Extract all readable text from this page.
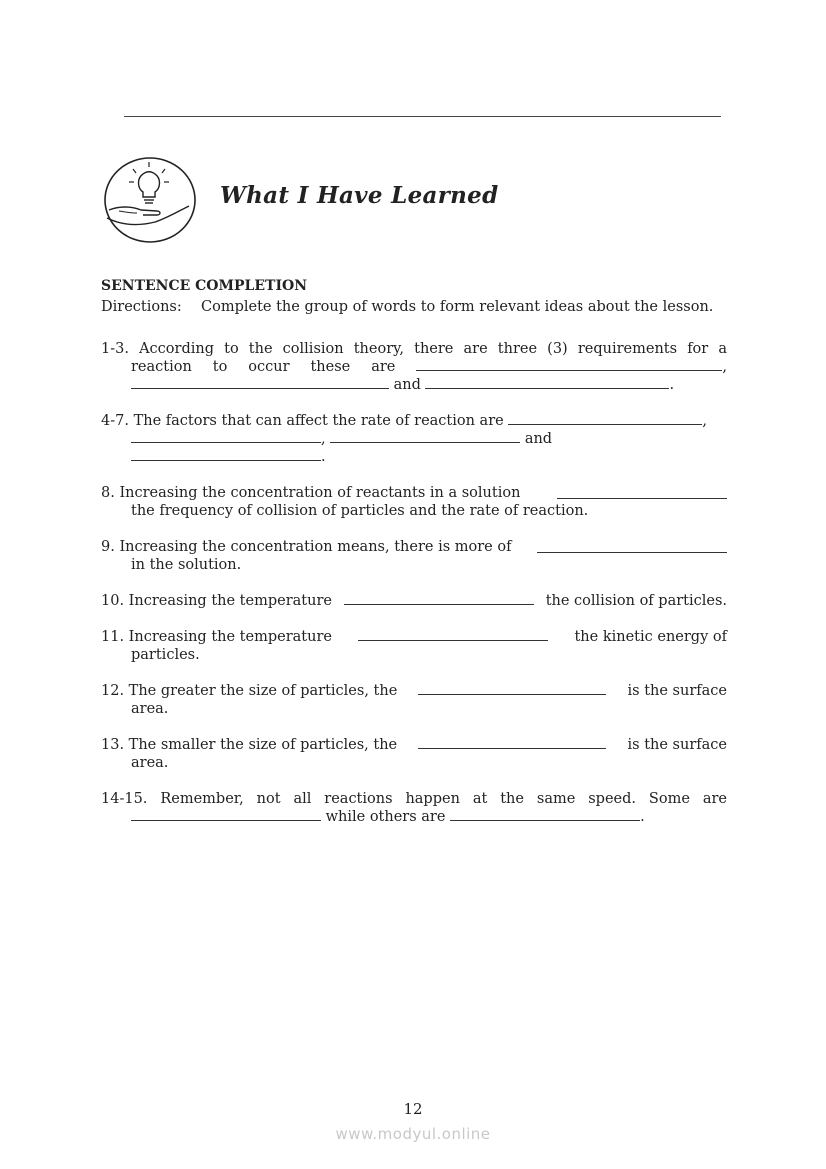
What I Have Learned
SENTENCE COMPLETION
Directions: Complete the group of words to form relevant ideas about the lesson.
1-3. According to the collision theory, there are three (3) requirements for a
reaction to occur these are	,
and	.
4-7. The factors that can affect the rate of reaction are	,
,	and
.
8. Increasing the concentration of reactants in a solution
the frequency of collision of particles and the rate of reaction.
9. Increasing the concentration means, there is more of
in the solution.
10. Increasing the temperature	the collision of particles.
11. Increasing the temperature	the kinetic energy of
particles.
12. The greater the size of particles, the	is the surface
area.
13. The smaller the size of particles, the	is the surface
area.
14-15. Remember, not all reactions happen at the same speed. Some are
while others are	.
12
www.modyul.online
